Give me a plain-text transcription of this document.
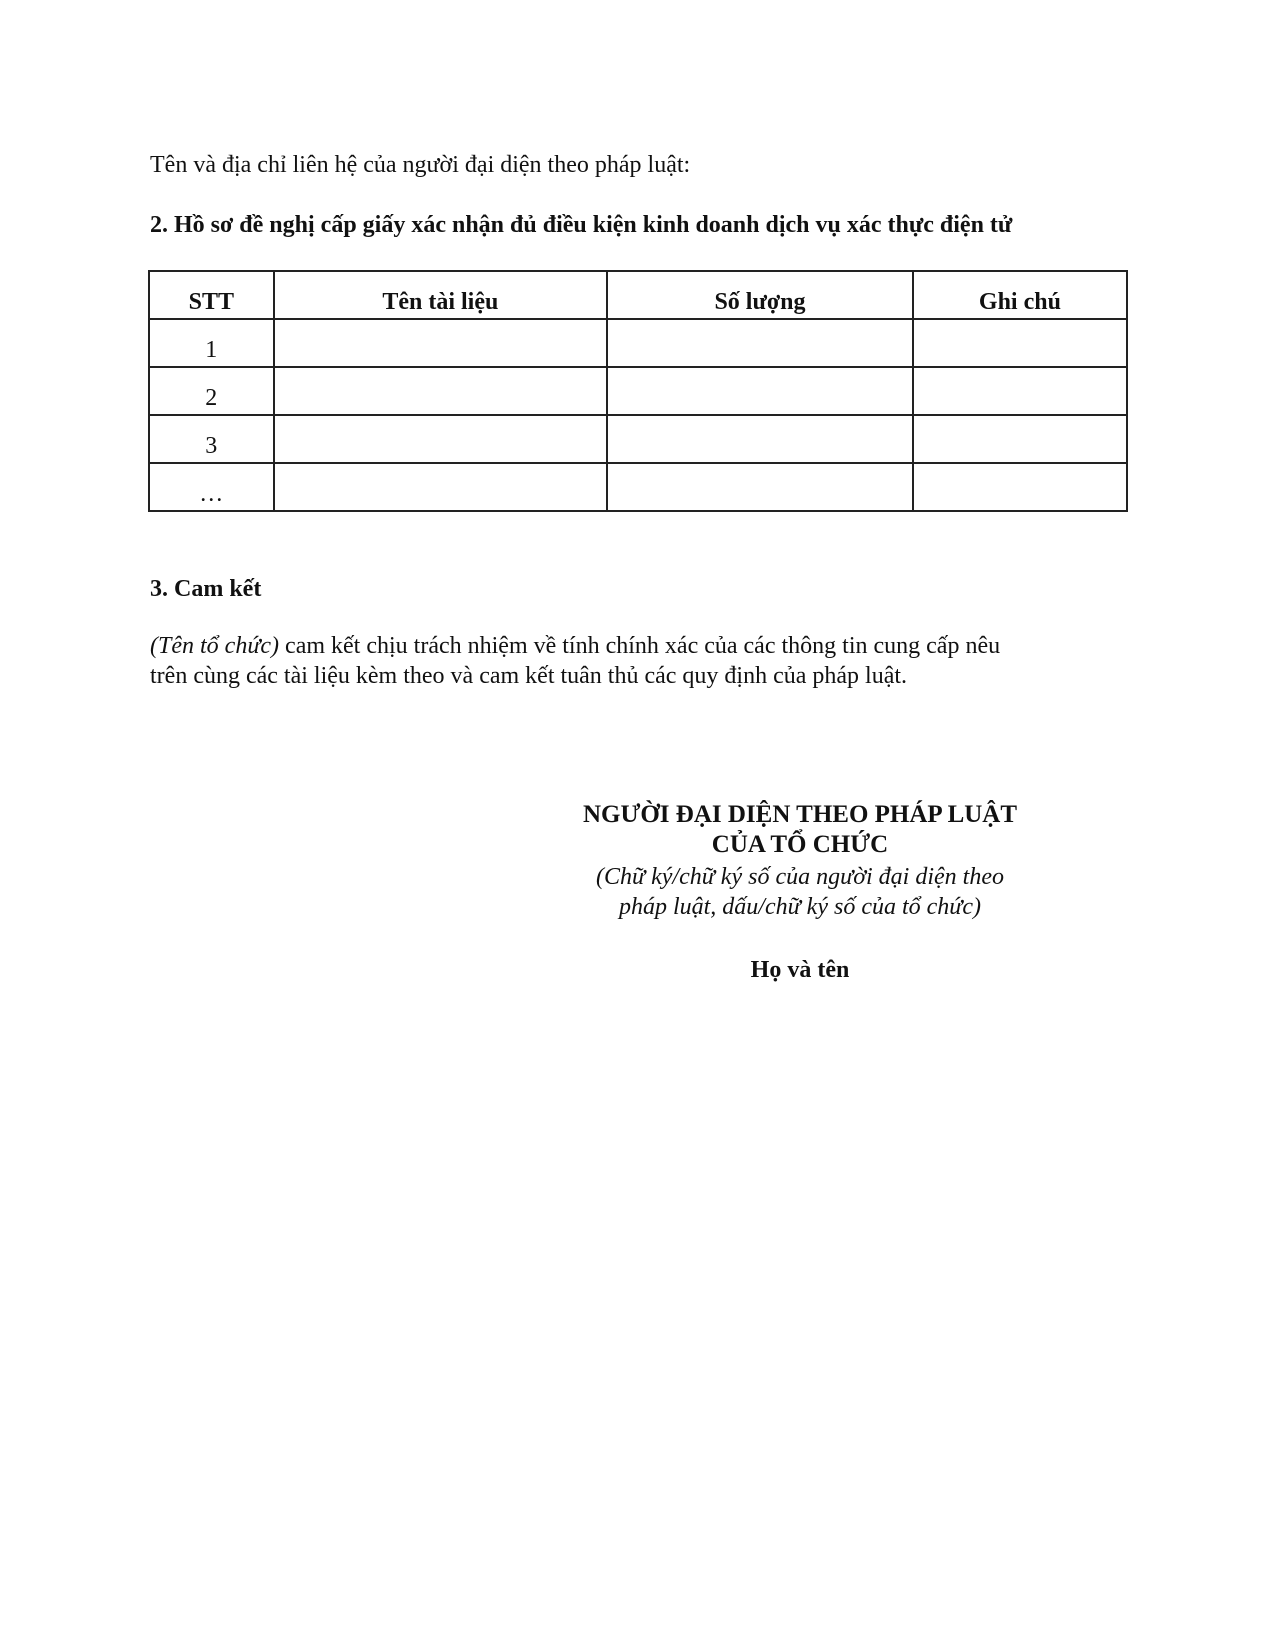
Tên và địa chỉ liên hệ của người đại diện theo pháp luật:
2. Hồ sơ đề nghị cấp giấy xác nhận đủ điều kiện kinh doanh dịch vụ xác thực điện tử
STT	Tên tài liệu	Số lượng	Ghi chú
1			
2			
3			
…			
3. Cam kết
(Tên tổ chức) cam kết chịu trách nhiệm về tính chính xác của các thông tin cung cấp nêu
trên cùng các tài liệu kèm theo và cam kết tuân thủ các quy định của pháp luật.
NGƯỜI ĐẠI DIỆN THEO PHÁP LUẬT
CỦA TỔ CHỨC
(Chữ ký/chữ ký số của người đại diện theo
pháp luật, dấu/chữ ký số của tổ chức)
Họ và tên
